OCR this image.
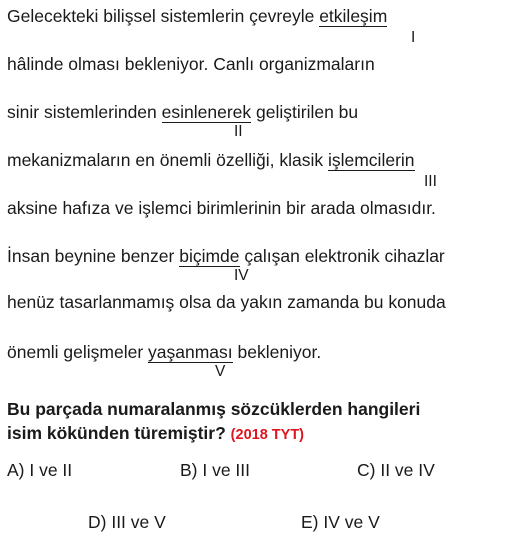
Gelecekteki bilişsel sistemlerin çevreyle etkileşim
I
hâlinde olması bekleniyor. Canlı organizmaların
sinir sistemlerinden esinlenerek geliştirilen bu
II
mekanizmaların en önemli özelliği, klasik işlemcilerin
III
aksine hafıza ve işlemci birimlerinin bir arada olmasıdır.
İnsan beynine benzer biçimde çalışan elektronik cihazlar
IV
henüz tasarlanmamış olsa da yakın zamanda bu konuda
önemli gelişmeler yaşanması bekleniyor.
V
Bu parçada numaralanmış sözcüklerden hangileri
isim kökünden türemiştir? (2018 TYT)
A) I ve II	B) I ve III	C) II ve IV
D) III ve V	E) IV ve V
